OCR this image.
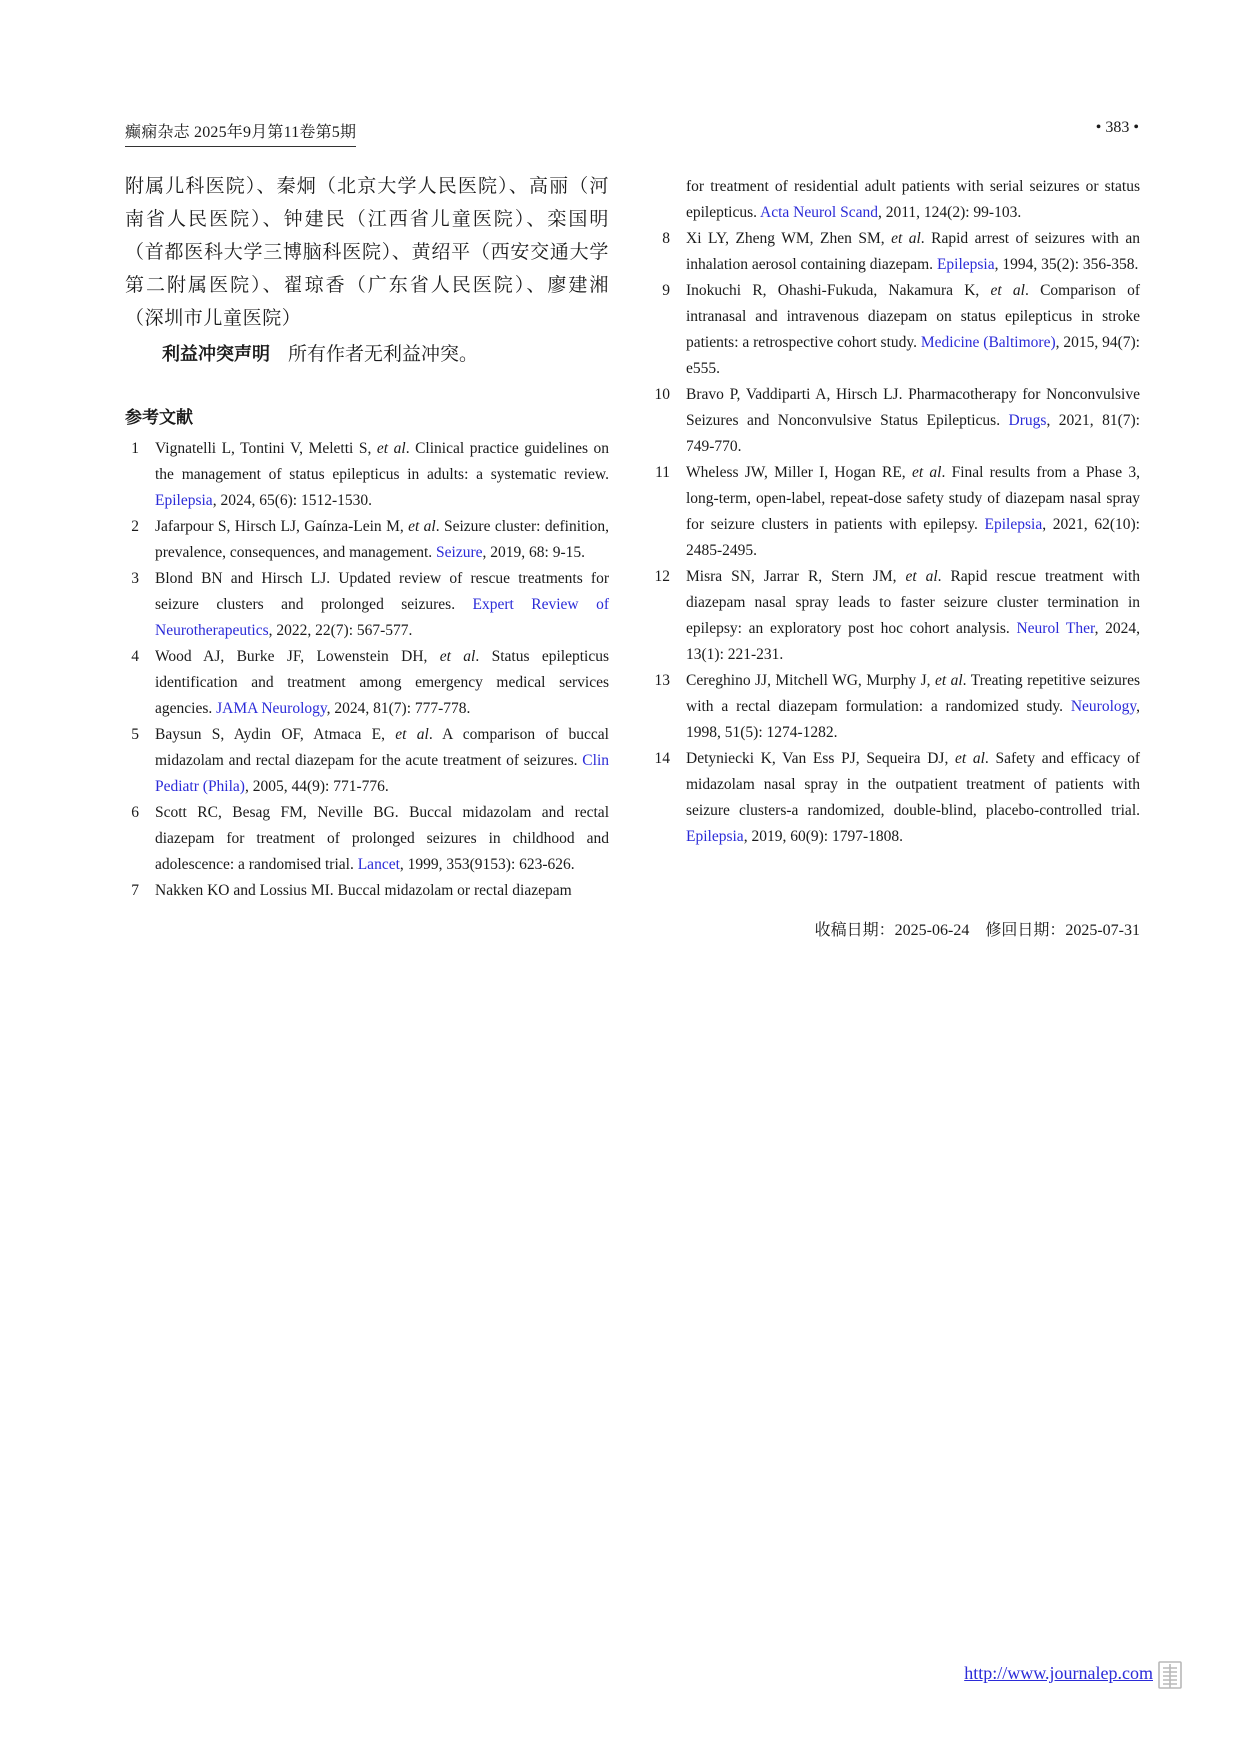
癫痫杂志 2025年9月第11卷第5期	• 383 •

附属儿科医院）、秦炯（北京大学人民医院）、高丽（河南省人民医院）、钟建民（江西省儿童医院）、栾国明（首都医科大学三博脑科医院）、黄绍平（西安交通大学第二附属医院）、翟琼香（广东省人民医院）、廖建湘（深圳市儿童医院）

利益冲突声明 所有作者无利益冲突。

参考文献
1 Vignatelli L, Tontini V, Meletti S, et al. Clinical practice guidelines on the management of status epilepticus in adults: a systematic review. Epilepsia, 2024, 65(6): 1512-1530.
2 Jafarpour S, Hirsch LJ, Gaínza-Lein M, et al. Seizure cluster: definition, prevalence, consequences, and management. Seizure, 2019, 68: 9-15.
3 Blond BN and Hirsch LJ. Updated review of rescue treatments for seizure clusters and prolonged seizures. Expert Review of Neurotherapeutics, 2022, 22(7): 567-577.
4 Wood AJ, Burke JF, Lowenstein DH, et al. Status epilepticus identification and treatment among emergency medical services agencies. JAMA Neurology, 2024, 81(7): 777-778.
5 Baysun S, Aydin OF, Atmaca E, et al. A comparison of buccal midazolam and rectal diazepam for the acute treatment of seizures. Clin Pediatr (Phila), 2005, 44(9): 771-776.
6 Scott RC, Besag FM, Neville BG. Buccal midazolam and rectal diazepam for treatment of prolonged seizures in childhood and adolescence: a randomised trial. Lancet, 1999, 353(9153): 623-626.
7 Nakken KO and Lossius MI. Buccal midazolam or rectal diazepam
for treatment of residential adult patients with serial seizures or status epilepticus. Acta Neurol Scand, 2011, 124(2): 99-103.
8 Xi LY, Zheng WM, Zhen SM, et al. Rapid arrest of seizures with an inhalation aerosol containing diazepam. Epilepsia, 1994, 35(2): 356-358.
9 Inokuchi R, Ohashi-Fukuda, Nakamura K, et al. Comparison of intranasal and intravenous diazepam on status epilepticus in stroke patients: a retrospective cohort study. Medicine (Baltimore), 2015, 94(7): e555.
10 Bravo P, Vaddiparti A, Hirsch LJ. Pharmacotherapy for Nonconvulsive Seizures and Nonconvulsive Status Epilepticus. Drugs, 2021, 81(7): 749-770.
11 Wheless JW, Miller I, Hogan RE, et al. Final results from a Phase 3, long-term, open-label, repeat-dose safety study of diazepam nasal spray for seizure clusters in patients with epilepsy. Epilepsia, 2021, 62(10): 2485-2495.
12 Misra SN, Jarrar R, Stern JM, et al. Rapid rescue treatment with diazepam nasal spray leads to faster seizure cluster termination in epilepsy: an exploratory post hoc cohort analysis. Neurol Ther, 2024, 13(1): 221-231.
13 Cereghino JJ, Mitchell WG, Murphy J, et al. Treating repetitive seizures with a rectal diazepam formulation: a randomized study. Neurology, 1998, 51(5): 1274-1282.
14 Detyniecki K, Van Ess PJ, Sequeira DJ, et al. Safety and efficacy of midazolam nasal spray in the outpatient treatment of patients with seizure clusters-a randomized, double-blind, placebo-controlled trial. Epilepsia, 2019, 60(9): 1797-1808.
收稿日期：2025-06-24　修回日期：2025-07-31
http://www.journalep.com
